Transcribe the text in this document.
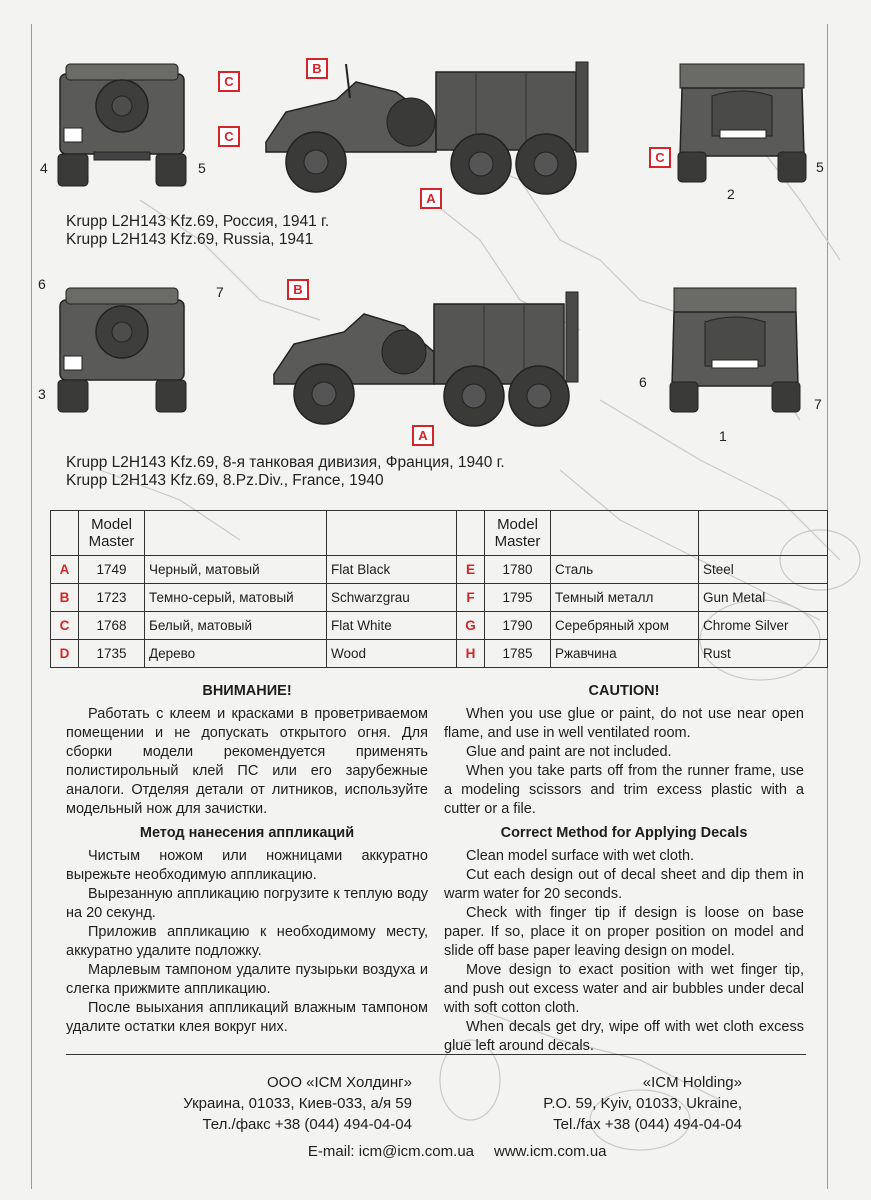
C
4	5
C
B
A
C
2
5
Krupp L2H143 Kfz.69, Россия, 1941 г.
Krupp L2H143 Kfz.69, Russia, 1941
6	7
3
B
A
6
1
7
Krupp L2H143 Kfz.69, 8-я танковая дивизия, Франция, 1940 г.
Krupp L2H143 Kfz.69, 8.Pz.Div., France, 1940
	Model Master				Model Master		
A	1749	Черный, матовый	Flat Black	E	1780	Сталь	Steel
B	1723	Темно-серый, матовый	Schwarzgrau	F	1795	Темный металл	Gun Metal
C	1768	Белый, матовый	Flat White	G	1790	Серебряный хром	Chrome Silver
D	1735	Дерево	Wood	H	1785	Ржавчина	Rust
ВНИМАНИЕ!

Работать с клеем и красками в проветриваемом помещении и не допускать открытого огня. Для сборки модели рекомендуется применять полистирольный клей ПС или его зарубежные аналоги. Отделяя детали от литников, используйте модельный нож для зачистки.

CAUTION!

When you use glue or paint, do not use near open flame, and use in well ventilated room.

Glue and paint are not included.

When you take parts off from the runner frame, use a modeling scissors and trim excess plastic with a cutter or a file.

Метод нанесения аппликаций

Чистым ножом или ножницами аккуратно вырежьте необходимую аппликацию.

Вырезанную аппликацию погрузите к теплую воду на 20 секунд.

Приложив аппликацию к необходимому месту, аккуратно удалите подложку.

Марлевым тампоном удалите пузырьки воздуха и слегка прижмите аппликацию.

После выыхания аппликаций влажным тампоном удалите остатки клея вокруг них.

Correct Method for Applying Decals

Clean model surface with wet cloth.

Cut each design out of decal sheet and dip them in warm water for 20 seconds.

Check with finger tip if design is loose on base paper. If so, place it on proper position on model and slide off base paper leaving design on model.

Move design to exact position with wet finger tip, and push out excess water and air bubbles under decal with soft cotton cloth.

When decals get dry, wipe off with wet cloth excess glue left around decals.

ООО «ICM Холдинг»
Украина, 01033, Киев-033, а/я 59
Тел./факс +38 (044) 494-04-04
«ICM Holding»
P.O. 59, Kyiv, 01033, Ukraine,
Tel./fax +38 (044) 494-04-04
E-mail: icm@icm.com.ua www.icm.com.ua
